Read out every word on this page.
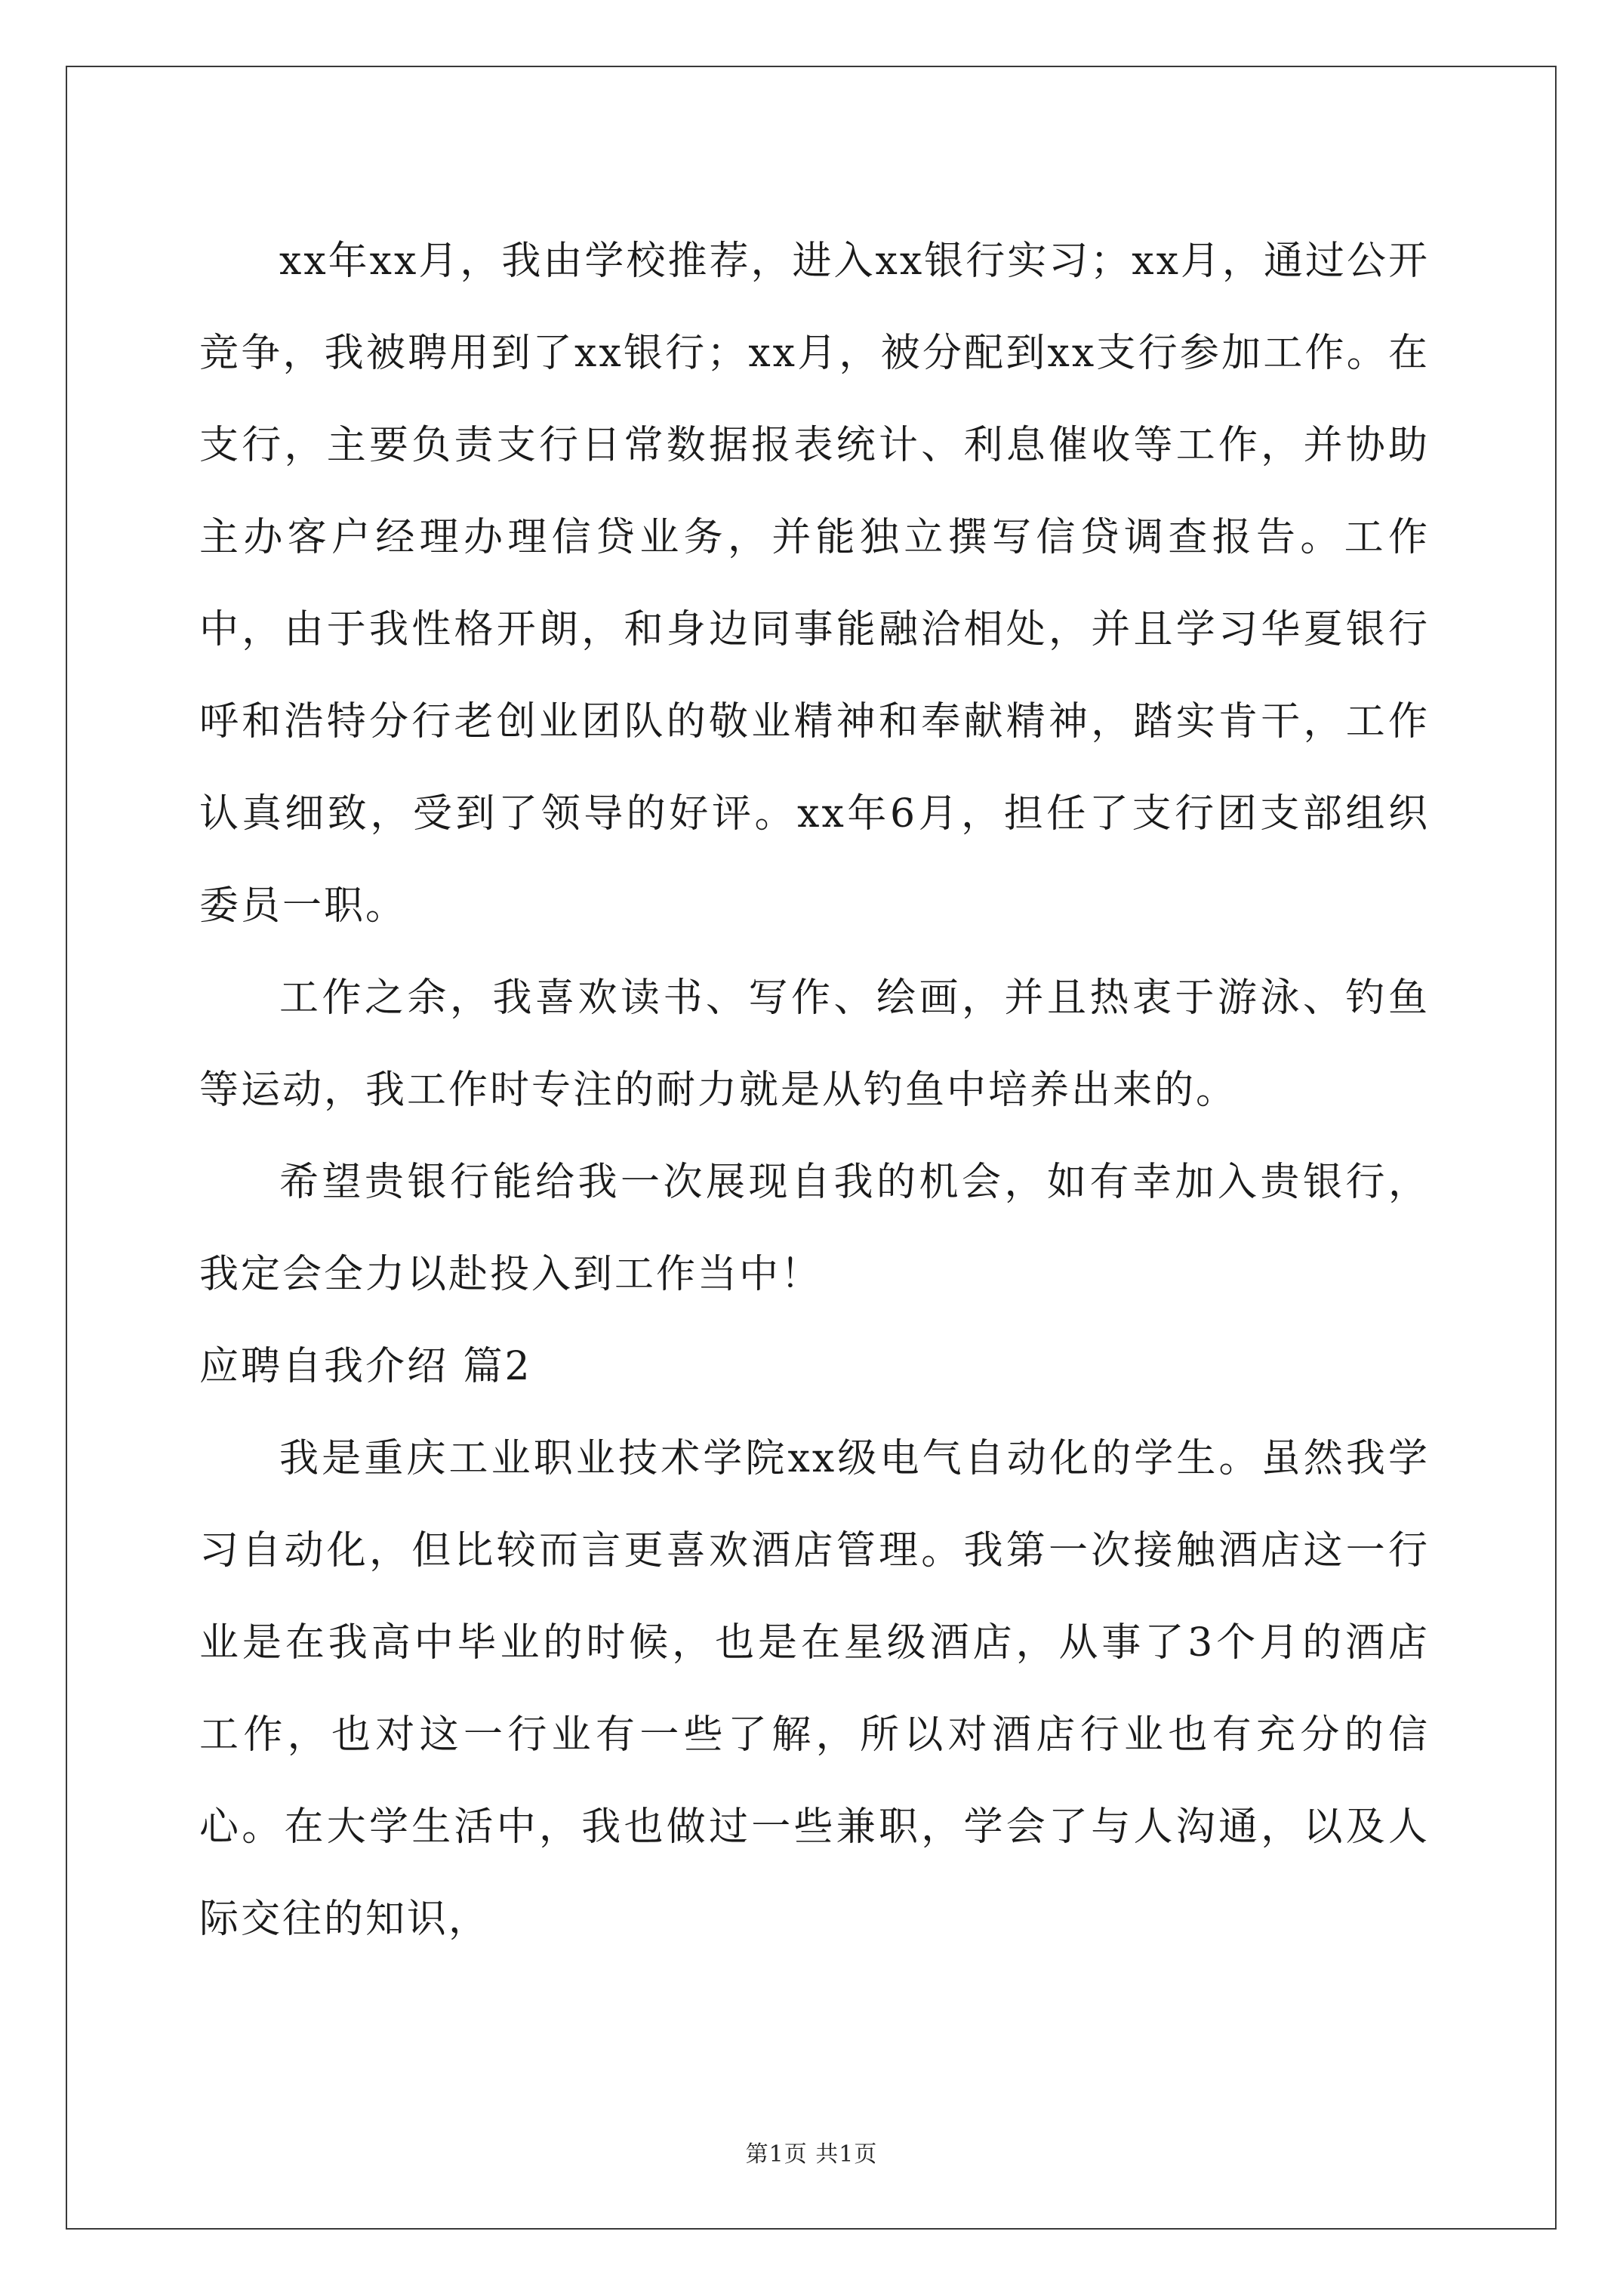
xx年xx月，我由学校推荐，进入xx银行实习；xx月，通过公开竞争，我被聘用到了xx银行；xx月，被分配到xx支行参加工作。在支行，主要负责支行日常数据报表统计、利息催收等工作，并协助主办客户经理办理信贷业务，并能独立撰写信贷调查报告。工作中，由于我性格开朗，和身边同事能融洽相处，并且学习华夏银行呼和浩特分行老创业团队的敬业精神和奉献精神，踏实肯干，工作认真细致，受到了领导的好评。xx年6月，担任了支行团支部组织委员一职。

工作之余，我喜欢读书、写作、绘画，并且热衷于游泳、钓鱼等运动，我工作时专注的耐力就是从钓鱼中培养出来的。

希望贵银行能给我一次展现自我的机会，如有幸加入贵银行，我定会全力以赴投入到工作当中！

应聘自我介绍 篇2

我是重庆工业职业技术学院xx级电气自动化的学生。虽然我学习自动化，但比较而言更喜欢酒店管理。我第一次接触酒店这一行业是在我高中毕业的时候，也是在星级酒店，从事了3个月的酒店工作，也对这一行业有一些了解，所以对酒店行业也有充分的信心。在大学生活中，我也做过一些兼职，学会了与人沟通，以及人际交往的知识，

第1页 共1页
